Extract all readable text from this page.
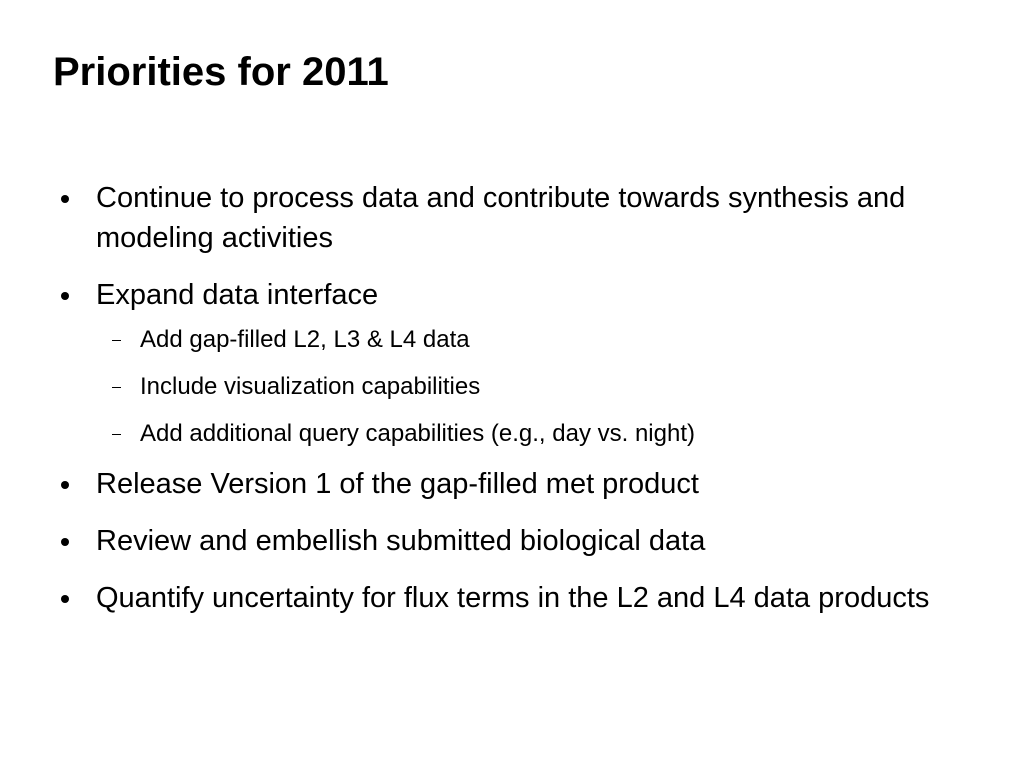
Priorities for 2011
Continue to process data and contribute towards synthesis and modeling activities
Expand data interface
Add gap-filled L2, L3 & L4 data
Include visualization capabilities
Add additional query capabilities (e.g., day vs. night)
Release Version 1 of the gap-filled met product
Review and embellish submitted biological data
Quantify uncertainty for flux terms in the L2 and L4 data products
